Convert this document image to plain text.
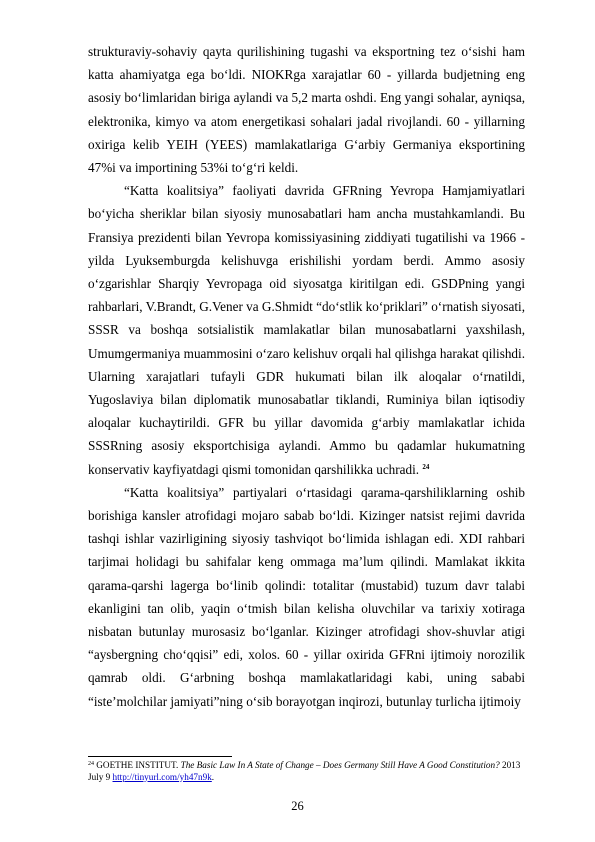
strukturaviy-sohaviy qayta qurilishining tugashi va eksportning tez o‘sishi ham katta ahamiyatga ega bo‘ldi. NIOKRga xarajatlar 60 - yillarda budjetning eng asosiy bo‘limlaridan biriga aylandi va 5,2 marta oshdi. Eng yangi sohalar, ayniqsa, elektronika, kimyo va atom energetikasi sohalari jadal rivojlandi. 60 - yillarning oxiriga kelib YEIH (YEES) mamlakatlariga G‘arbiy Germaniya eksportining 47%i va importining 53%i to‘g‘ri keldi.

“Katta koalitsiya” faoliyati davrida GFRning Yevropa Hamjamiyatlari bo‘yicha sheriklar bilan siyosiy munosabatlari ham ancha mustahkamlandi. Bu Fransiya prezidenti bilan Yevropa komissiyasining ziddiyati tugatilishi va 1966 - yilda Lyuksemburgda kelishuvga erishilishi yordam berdi. Ammo asosiy o‘zgarishlar Sharqiy Yevropaga oid siyosatga kiritilgan edi. GSDPning yangi rahbarlari, V.Brandt, G.Vener va G.Shmidt “do‘stlik ko‘priklari” o‘rnatish siyosati, SSSR va boshqa sotsialistik mamlakatlar bilan munosabatlarni yaxshilash, Umumgermaniya muammosini o‘zaro kelishuv orqali hal qilishga harakat qilishdi. Ularning xarajatlari tufayli GDR hukumati bilan ilk aloqalar o‘rnatildi, Yugoslaviya bilan diplomatik munosabatlar tiklandi, Ruminiya bilan iqtisodiy aloqalar kuchaytirildi. GFR bu yillar davomida g‘arbiy mamlakatlar ichida SSSRning asosiy eksportchisiga aylandi. Ammo bu qadamlar hukumatning konservativ kayfiyatdagi qismi tomonidan qarshilikka uchradi. $^{24}$

“Katta koalitsiya” partiyalari o‘rtasidagi qarama-qarshiliklarning oshib borishiga kansler atrofidagi mojaro sabab bo‘ldi. Kizinger natsist rejimi davrida tashqi ishlar vazirligining siyosiy tashviqot bo‘limida ishlagan edi. XDI rahbari tarjimai holidagi bu sahifalar keng ommaga ma’lum qilindi. Mamlakat ikkita qarama-qarshi lagerga bo‘linib qolindi: totalitar (mustabid) tuzum davr talabi ekanligini tan olib, yaqin o‘tmish bilan kelisha oluvchilar va tarixiy xotiraga nisbatan butunlay murosasiz bo‘lganlar. Kizinger atrofidagi shov-shuvlar atigi “aysbergning cho‘qqisi” edi, xolos. 60 - yillar oxirida GFRni ijtimoiy norozilik qamrab oldi. G‘arbning boshqa mamlakatlaridagi kabi, uning sababi “iste’molchilar jamiyati”ning o‘sib borayotgan inqirozi, butunlay turlicha ijtimoiy

$^{24}$ GOETHE INSTITUT. The Basic Law In A State of Change – Does Germany Still Have A Good Constitution? 2013 July 9 http://tinyurl.com/yh47n9k.
26
